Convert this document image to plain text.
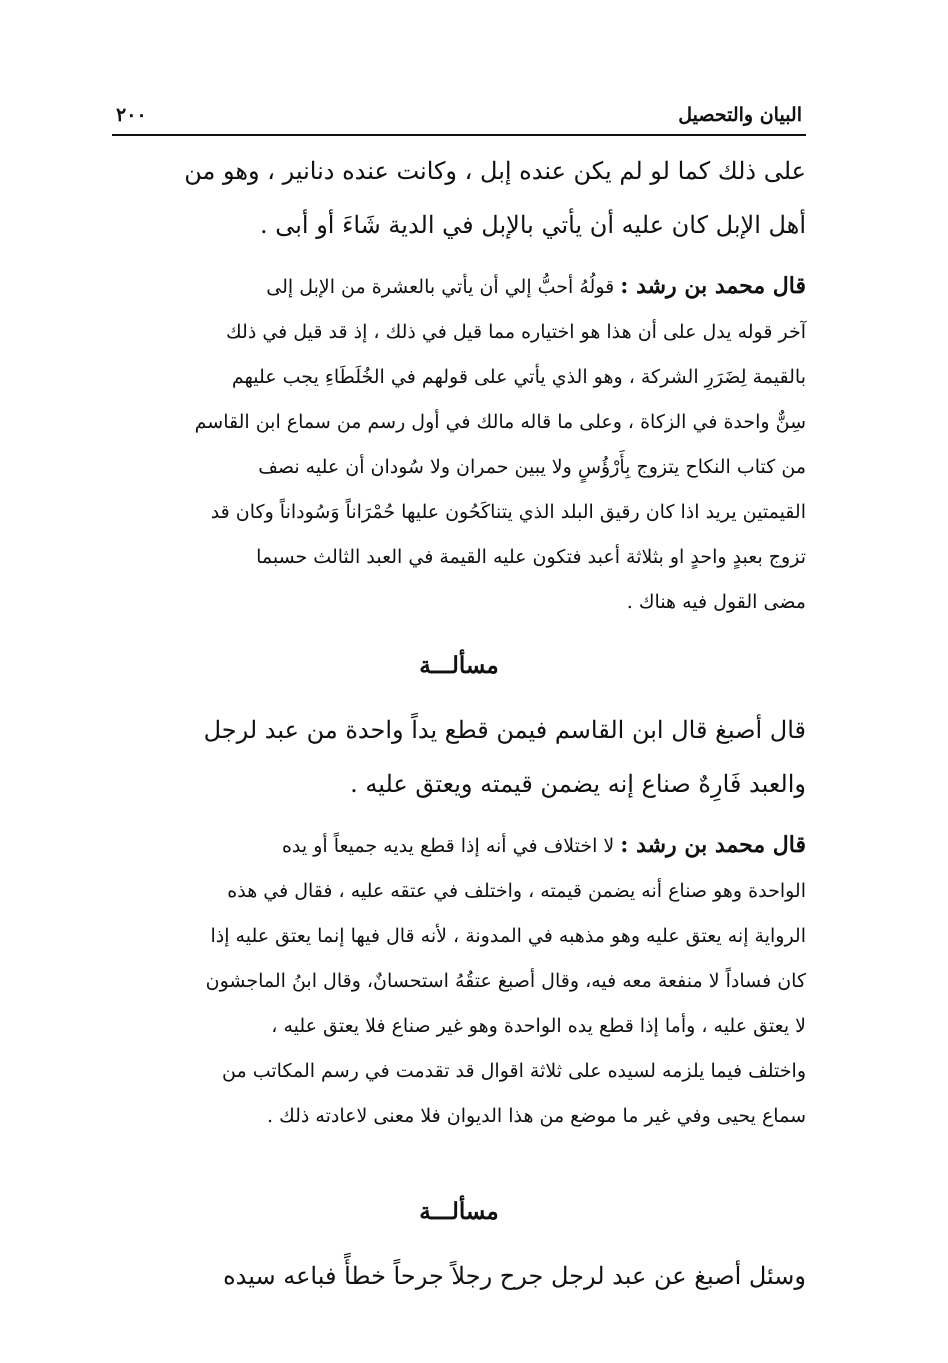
البيان والتحصيل
٢٠٠

على ذلك كما لو لم يكن عنده إبل ، وكانت عنده دنانير ، وهو من

أهل الإبل كان عليه أن يأتي بالإبل في الدية شَاءَ أو أبى .

قال محمد بن رشد : قولُهُ أحبُّ إلي أن يأتي بالعشرة من الإبل إلى

آخر قوله يدل على أن هذا هو اختياره مما قيل في ذلك ، إذ قد قيل في ذلك

بالقيمة لِضَرَرِ الشركة ، وهو الذي يأتي على قولهم في الخُلَطَاءِ يجب عليهم

سِنٌّ واحدة في الزكاة ، وعلى ما قاله مالك في أول رسم من سماع ابن القاسم

من كتاب النكاح يتزوج بِأَرْؤُسٍ ولا يبين حمران ولا سُودان أن عليه نصف

القيمتين يريد اذا كان رقيق البلد الذي يتناكَحُون عليها حُمْرَاناً وَسُوداناً وكان قد

تزوج بعبدٍ واحدٍ او بثلاثة أعبد فتكون عليه القيمة في العبد الثالث حسبما

مضى القول فيه هناك .

مسألـــة

قال أصبغ قال ابن القاسم فيمن قطع يداً واحدة من عبد لرجل

والعبد فَارِهٌ صناع إنه يضمن قيمته ويعتق عليه .

قال محمد بن رشد : لا اختلاف في أنه إذا قطع يديه جميعاً أو يده

الواحدة وهو صناع أنه يضمن قيمته ، واختلف في عتقه عليه ، فقال في هذه

الرواية إنه يعتق عليه وهو مذهبه في المدونة ، لأنه قال فيها إنما يعتق عليه إذا

كان فساداً لا منفعة معه فيه، وقال أصبغ عتقُهُ استحسانٌ، وقال ابنُ الماجشون

لا يعتق عليه ، وأما إذا قطع يده الواحدة وهو غير صناع فلا يعتق عليه ،

واختلف فيما يلزمه لسيده على ثلاثة اقوال قد تقدمت في رسم المكاتب من

سماع يحيى وفي غير ما موضع من هذا الديوان فلا معنى لاعادته ذلك .

مسألـــة

وسئل أصبغ عن عبد لرجل جرح رجلاً جرحاً خطأً فباعه سيده
